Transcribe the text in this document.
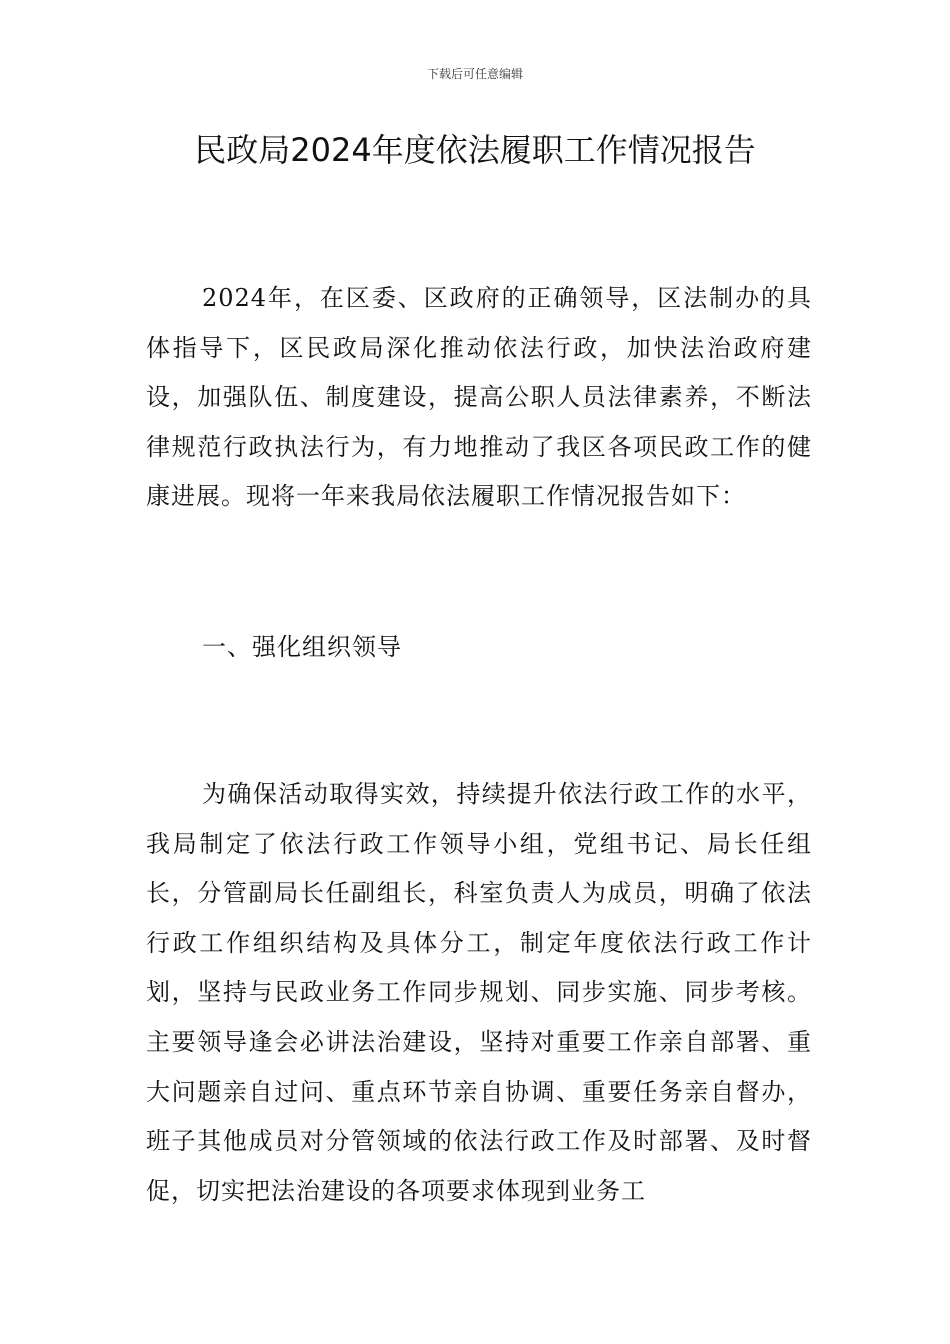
下载后可任意编辑
民政局2024年度依法履职工作情况报告

2024年，在区委、区政府的正确领导，区法制办的具体指导下，区民政局深化推动依法行政，加快法治政府建设，加强队伍、制度建设，提高公职人员法律素养，不断法律规范行政执法行为，有力地推动了我区各项民政工作的健康进展。现将一年来我局依法履职工作情况报告如下：

一、强化组织领导

为确保活动取得实效，持续提升依法行政工作的水平，我局制定了依法行政工作领导小组，党组书记、局长任组长，分管副局长任副组长，科室负责人为成员，明确了依法行政工作组织结构及具体分工，制定年度依法行政工作计划，坚持与民政业务工作同步规划、同步实施、同步考核。主要领导逢会必讲法治建设，坚持对重要工作亲自部署、重大问题亲自过问、重点环节亲自协调、重要任务亲自督办，班子其他成员对分管领域的依法行政工作及时部署、及时督促，切实把法治建设的各项要求体现到业务工
